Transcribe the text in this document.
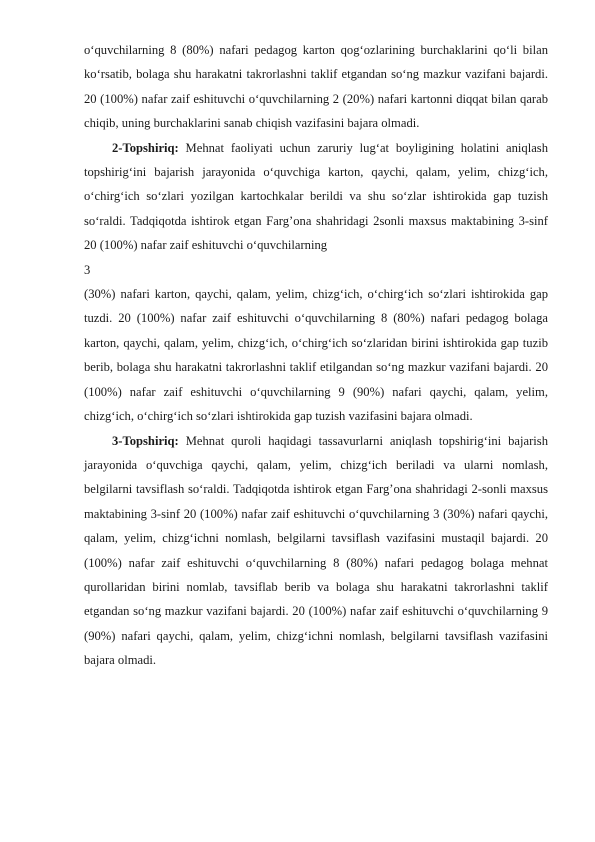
o‘quvchilarning 8 (80%) nafari pedagog karton qog‘ozlarining burchaklarini qo‘li bilan ko‘rsatib, bolaga shu harakatni takrorlashni taklif etgandan so‘ng mazkur vazifani bajardi. 20 (100%) nafar zaif eshituvchi o‘quvchilarning 2 (20%) nafari kartonni diqqat bilan qarab chiqib, uning burchaklarini sanab chiqish vazifasini bajara olmadi.

2-Topshiriq: Mehnat faoliyati uchun zaruriy lug‘at boyligining holatini aniqlash topshirig‘ini bajarish jarayonida o‘quvchiga karton, qaychi, qalam, yelim, chizg‘ich, o‘chirg‘ich so‘zlari yozilgan kartochkalar berildi va shu so‘zlar ishtirokida gap tuzish so‘raldi. Tadqiqotda ishtirok etgan Farg’ona shahridagi 2sonli maxsus maktabining 3-sinf 20 (100%) nafar zaif eshituvchi o‘quvchilarning

3

(30%) nafari karton, qaychi, qalam, yelim, chizg‘ich, o‘chirg‘ich so‘zlari ishtirokida gap tuzdi. 20 (100%) nafar zaif eshituvchi o‘quvchilarning 8 (80%) nafari pedagog bolaga karton, qaychi, qalam, yelim, chizg‘ich, o‘chirg‘ich so‘zlaridan birini ishtirokida gap tuzib berib, bolaga shu harakatni takrorlashni taklif etilgandan so‘ng mazkur vazifani bajardi. 20 (100%) nafar zaif eshituvchi o‘quvchilarning 9 (90%) nafari qaychi, qalam, yelim, chizg‘ich, o‘chirg‘ich so‘zlari ishtirokida gap tuzish vazifasini bajara olmadi.

3-Topshiriq: Mehnat quroli haqidagi tassavurlarni aniqlash topshirig‘ini bajarish jarayonida o‘quvchiga qaychi, qalam, yelim, chizg‘ich beriladi va ularni nomlash, belgilarni tavsiflash so‘raldi. Tadqiqotda ishtirok etgan Farg’ona shahridagi 2-sonli maxsus maktabining 3-sinf 20 (100%) nafar zaif eshituvchi o‘quvchilarning 3 (30%) nafari qaychi, qalam, yelim, chizg‘ichni nomlash, belgilarni tavsiflash vazifasini mustaqil bajardi. 20 (100%) nafar zaif eshituvchi o‘quvchilarning 8 (80%) nafari pedagog bolaga mehnat qurollaridan birini nomlab, tavsiflab berib va bolaga shu harakatni takrorlashni taklif etgandan so‘ng mazkur vazifani bajardi. 20 (100%) nafar zaif eshituvchi o‘quvchilarning 9 (90%) nafari qaychi, qalam, yelim, chizg‘ichni nomlash, belgilarni tavsiflash vazifasini bajara olmadi.
